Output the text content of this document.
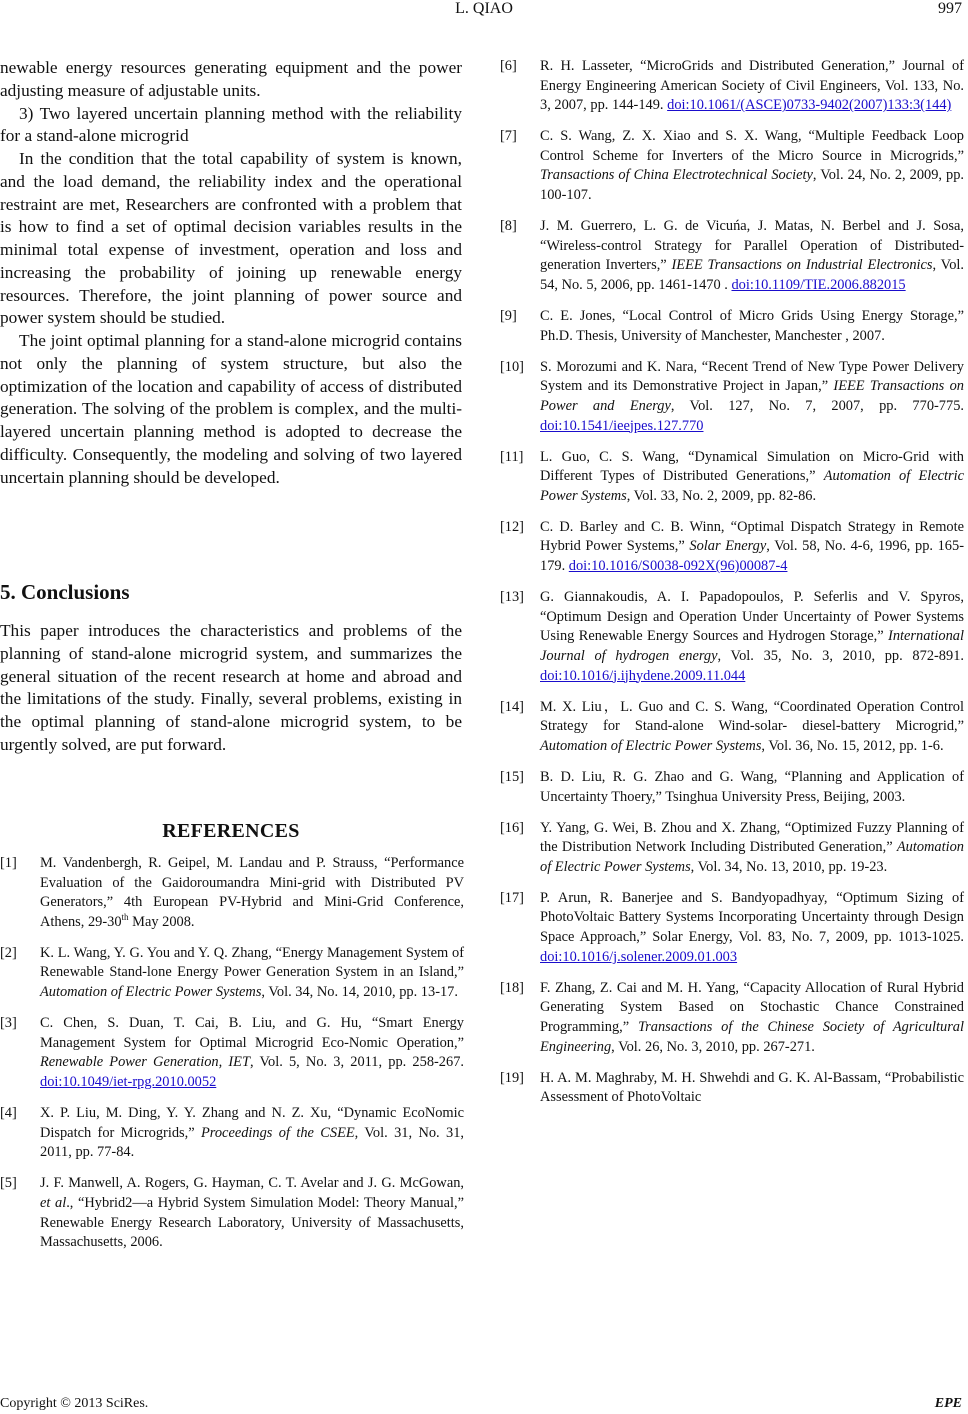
L. QIAO	997

newable energy resources generating equipment and the power adjusting measure of adjustable units.

3) Two layered uncertain planning method with the reliability for a stand-alone microgrid

In the condition that the total capability of system is known, and the load demand, the reliability index and the operational restraint are met, Researchers are confronted with a problem that is how to find a set of optimal decision variables results in the minimal total expense of investment, operation and loss and increasing the probability of joining up renewable energy resources. Therefore, the joint planning of power source and power system should be studied.

The joint optimal planning for a stand-alone microgrid contains not only the planning of system structure, but also the optimization of the location and capability of access of distributed generation. The solving of the problem is complex, and the multi-layered uncertain planning method is adopted to decrease the difficulty. Consequently, the modeling and solving of two layered uncertain planning should be developed.

5. Conclusions

This paper introduces the characteristics and problems of the planning of stand-alone microgrid system, and summarizes the general situation of the recent research at home and abroad and the limitations of the study. Finally, several problems, existing in the optimal planning of stand-alone microgrid system, to be urgently solved, are put forward.

REFERENCES
[1]	M. Vandenbergh, R. Geipel, M. Landau and P. Strauss, “Performance Evaluation of the Gaidoroumandra Mini-grid with Distributed PV Generators,” 4th European PV-Hybrid and Mini-Grid Conference, Athens, 29-30th May 2008.
[2]	K. L. Wang, Y. G. You and Y. Q. Zhang, “Energy Management System of Renewable Stand-lone Energy Power Generation System in an Island,” Automation of Electric Power Systems, Vol. 34, No. 14, 2010, pp. 13-17.
[3]	C. Chen, S. Duan, T. Cai, B. Liu, and G. Hu, “Smart Energy Management System for Optimal Microgrid Eco-Nomic Operation,” Renewable Power Generation, IET, Vol. 5, No. 3, 2011, pp. 258-267. doi:10.1049/iet-rpg.2010.0052
[4]	X. P. Liu, M. Ding, Y. Y. Zhang and N. Z. Xu, “Dynamic EcoNomic Dispatch for Microgrids,” Proceedings of the CSEE, Vol. 31, No. 31, 2011, pp. 77-84.
[5]	J. F. Manwell, A. Rogers, G. Hayman, C. T. Avelar and J. G. McGowan, et al., “Hybrid2—a Hybrid System Simulation Model: Theory Manual,” Renewable Energy Research Laboratory, University of Massachusetts, Massachusetts, 2006.
[6]	R. H. Lasseter, “MicroGrids and Distributed Generation,” Journal of Energy Engineering American Society of Civil Engineers, Vol. 133, No. 3, 2007, pp. 144-149. doi:10.1061/(ASCE)0733-9402(2007)133:3(144)
[7]	C. S. Wang, Z. X. Xiao and S. X. Wang, “Multiple Feedback Loop Control Scheme for Inverters of the Micro Source in Microgrids,” Transactions of China Electrotechnical Society, Vol. 24, No. 2, 2009, pp. 100-107.
[8]	J. M. Guerrero, L. G. de Vicuńa, J. Matas, N. Berbel and J. Sosa, “Wireless-control Strategy for Parallel Operation of Distributed-generation Inverters,” IEEE Transactions on Industrial Electronics, Vol. 54, No. 5, 2006, pp. 1461-1470 . doi:10.1109/TIE.2006.882015
[9]	C. E. Jones, “Local Control of Micro Grids Using Energy Storage,” Ph.D. Thesis, University of Manchester, Manchester , 2007.
[10]	S. Morozumi and K. Nara, “Recent Trend of New Type Power Delivery System and its Demonstrative Project in Japan,” IEEE Transactions on Power and Energy, Vol. 127, No. 7, 2007, pp. 770-775. doi:10.1541/ieejpes.127.770
[11]	L. Guo, C. S. Wang, “Dynamical Simulation on Micro-Grid with Different Types of Distributed Generations,” Automation of Electric Power Systems, Vol. 33, No. 2, 2009, pp. 82-86.
[12]	C. D. Barley and C. B. Winn, “Optimal Dispatch Strategy in Remote Hybrid Power Systems,” Solar Energy, Vol. 58, No. 4-6, 1996, pp. 165-179. doi:10.1016/S0038-092X(96)00087-4
[13]	G. Giannakoudis, A. I. Papadopoulos, P. Seferlis and V. Spyros, “Optimum Design and Operation Under Uncertainty of Power Systems Using Renewable Energy Sources and Hydrogen Storage,” International Journal of hydrogen energy, Vol. 35, No. 3, 2010, pp. 872-891. doi:10.1016/j.ijhydene.2009.11.044
[14]	M. X. Liu，L. Guo and C. S. Wang, “Coordinated Operation Control Strategy for Stand-alone Wind-solar- diesel-battery Microgrid,” Automation of Electric Power Systems, Vol. 36, No. 15, 2012, pp. 1-6.
[15]	B. D. Liu, R. G. Zhao and G. Wang, “Planning and Application of Uncertainty Thoery,” Tsinghua University Press, Beijing, 2003.
[16]	Y. Yang, G. Wei, B. Zhou and X. Zhang, “Optimized Fuzzy Planning of the Distribution Network Including Distributed Generation,” Automation of Electric Power Systems, Vol. 34, No. 13, 2010, pp. 19-23.
[17]	P. Arun, R. Banerjee and S. Bandyopadhyay, “Optimum Sizing of PhotoVoltaic Battery Systems Incorporating Uncertainty through Design Space Approach,” Solar Energy, Vol. 83, No. 7, 2009, pp. 1013-1025. doi:10.1016/j.solener.2009.01.003
[18]	F. Zhang, Z. Cai and M. H. Yang, “Capacity Allocation of Rural Hybrid Generating System Based on Stochastic Chance Constrained Programming,” Transactions of the Chinese Society of Agricultural Engineering, Vol. 26, No. 3, 2010, pp. 267-271.
[19]	H. A. M. Maghraby, M. H. Shwehdi and G. K. Al-Bassam, “Probabilistic Assessment of PhotoVoltaic
Copyright © 2013 SciRes.	EPE
